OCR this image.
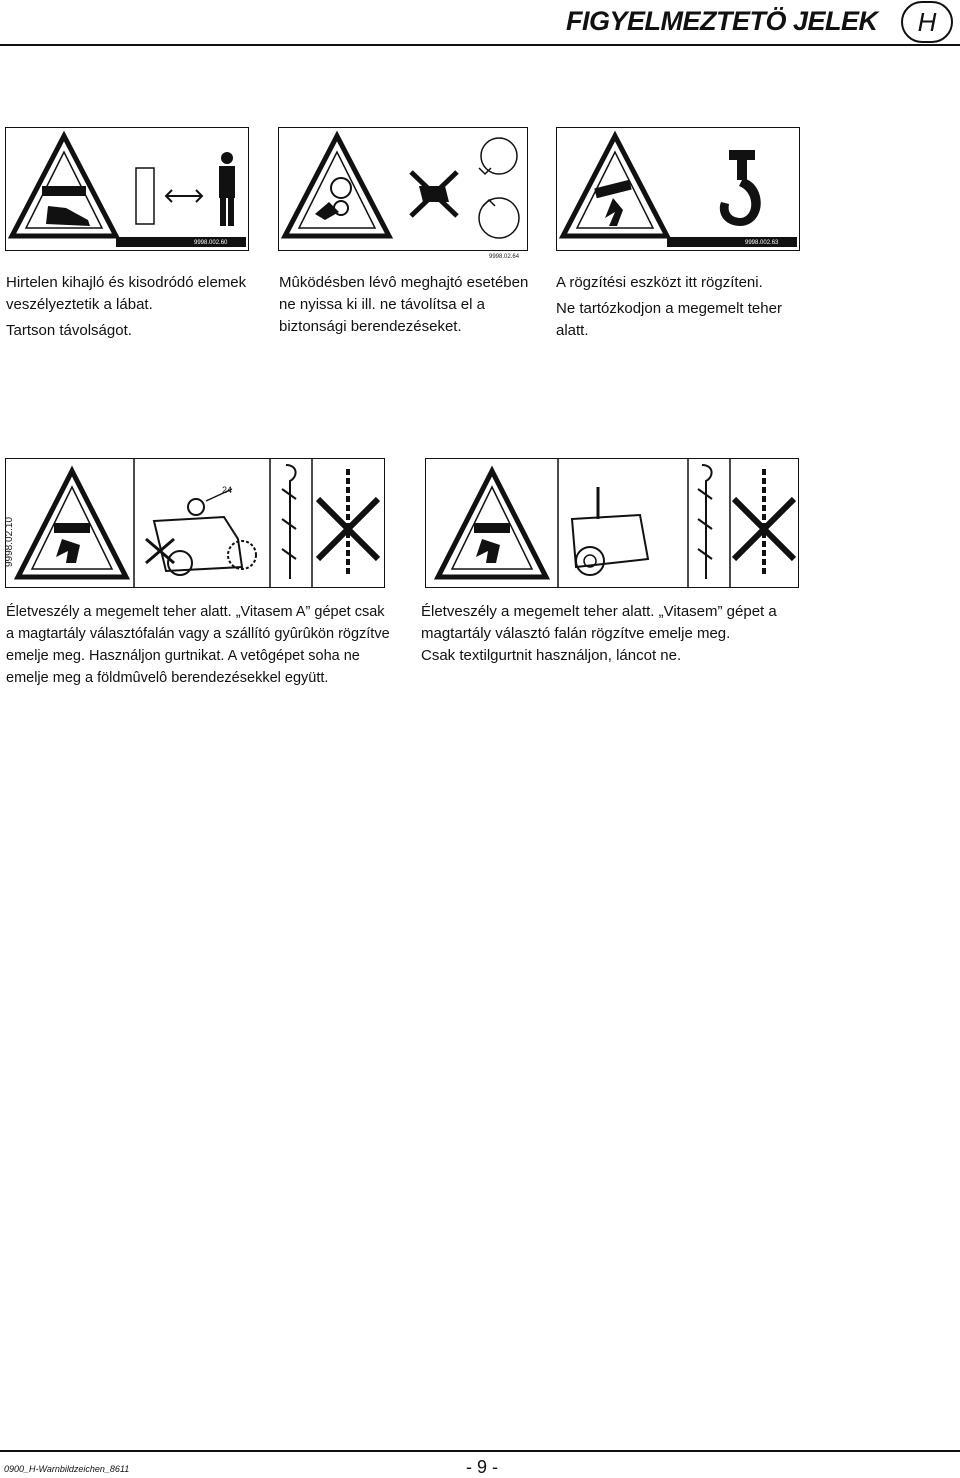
FIGYELMEZTETÖ JELEK	H
9998.002.60
9998.02.64
9998.002.63
Hirtelen kihajló és kisodródó elemek
veszélyeztetik a lábat.
Tartson távolságot.
Mûködésben lévô meghajtó esetében
ne nyissa ki ill. ne távolítsa el a
biztonsági berendezéseket.
A rögzítési eszközt itt rögzíteni.
Ne tartózkodjon a megemelt teher
alatt.
24
9998.02.10
Életveszély a megemelt teher alatt. „Vitasem A” gépet csak
a magtartály választófalán vagy a szállító gyûrûkön rögzítve
emelje meg. Használjon gurtnikat. A vetôgépet soha ne
emelje meg a földmûvelô berendezésekkel együtt.
Életveszély a megemelt teher alatt. „Vitasem” gépet a
magtartály választó falán rögzítve emelje meg.
Csak textilgurtnit használjon, láncot ne.
0900_H-Warnbildzeichen_8611	- 9 -
